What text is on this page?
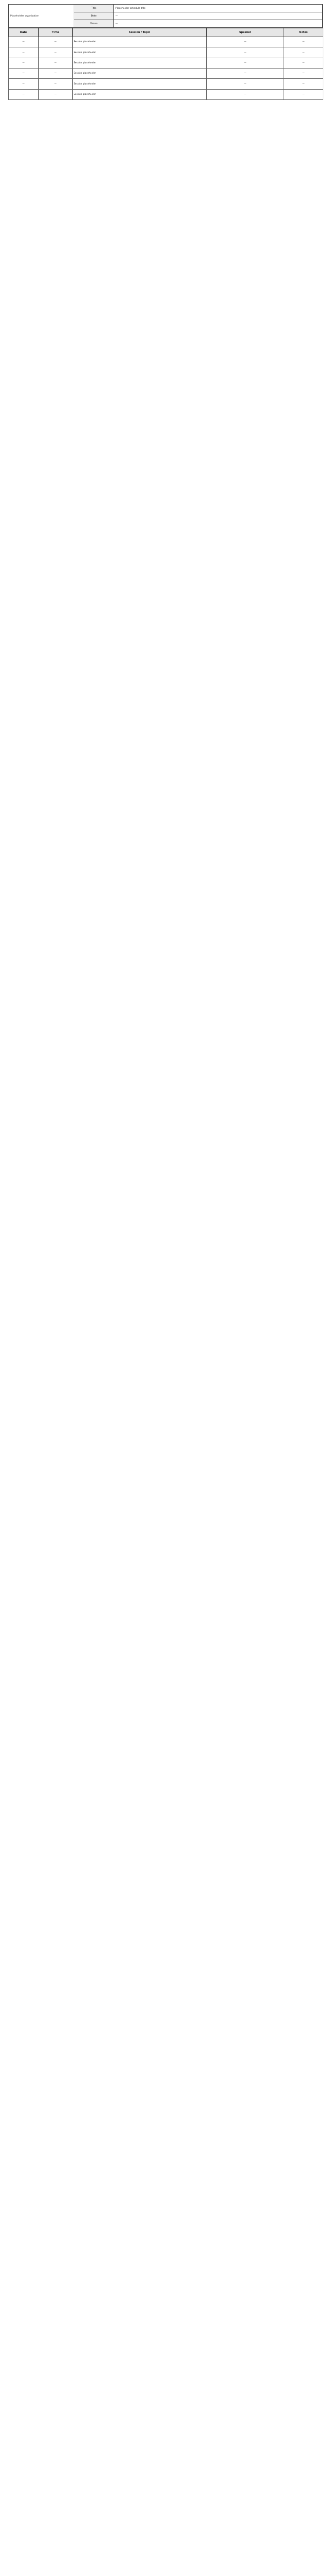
Placeholder organization	Title	Placeholder schedule title
	Date	—
	Venue	—
Date	Time	Session / Topic	Speaker	Notes
—	—	Session placeholder	—	—
—	—	Session placeholder	—	—
—	—	Session placeholder	—	—
—	—	Session placeholder	—	—
—	—	Session placeholder	—	—
—	—	Session placeholder	—	—
